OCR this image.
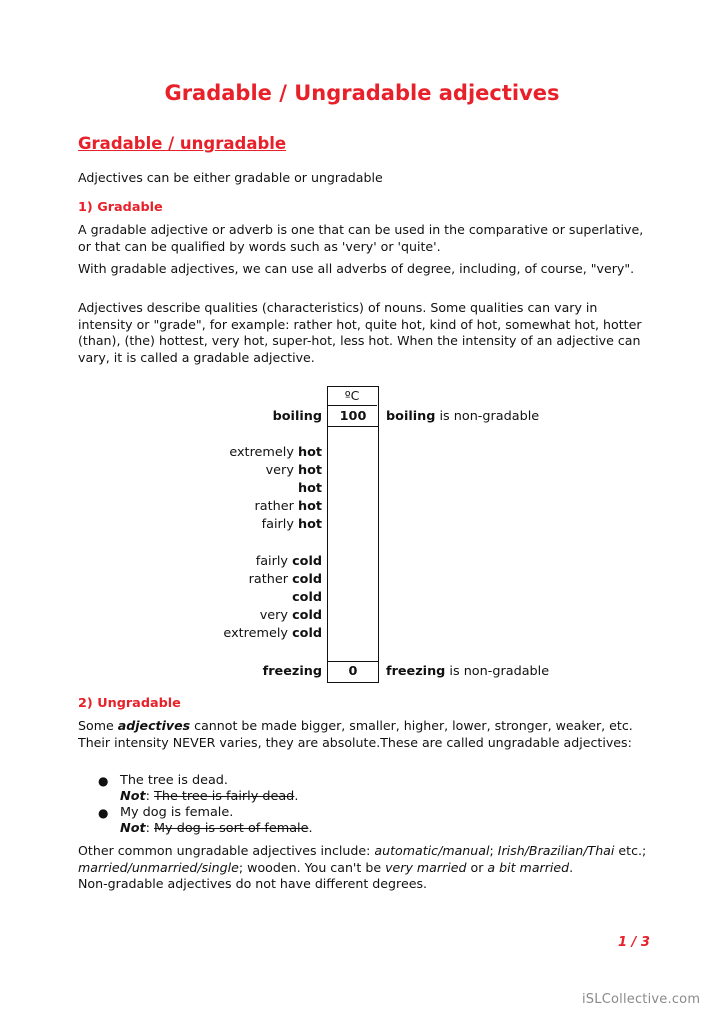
Gradable / Ungradable adjectives
Gradable / ungradable

Adjectives can be either gradable or ungradable

1) Gradable

A gradable adjective or adverb is one that can be used in the comparative or superlative, or that can be qualified by words such as 'very' or 'quite'.

With gradable adjectives, we can use all adverbs of degree, including, of course, "very".

Adjectives describe qualities (characteristics) of nouns. Some qualities can vary in intensity or "grade", for example: rather hot, quite hot, kind of hot, somewhat hot, hotter (than), (the) hottest, very hot, super-hot, less hot. When the intensity of an adjective can vary, it is called a gradable adjective.

ºC
100
0
boiling	boiling is non-gradable
extremely hot
very hot
hot
rather hot
fairly hot
fairly cold
rather cold
cold
very cold
extremely cold
freezing	freezing is non-gradable

2) Ungradable

Some adjectives cannot be made bigger, smaller, higher, lower, stronger, weaker, etc. Their intensity NEVER varies, they are absolute.These are called ungradable adjectives:

● The tree is dead.
Not: The tree is fairly dead.
● My dog is female.
Not: My dog is sort of female.

Other common ungradable adjectives include: automatic/manual; Irish/Brazilian/Thai etc.; married/unmarried/single; wooden. You can't be very married or a bit married.

Non-gradable adjectives do not have different degrees.

1 / 3
iSLCollective.com
